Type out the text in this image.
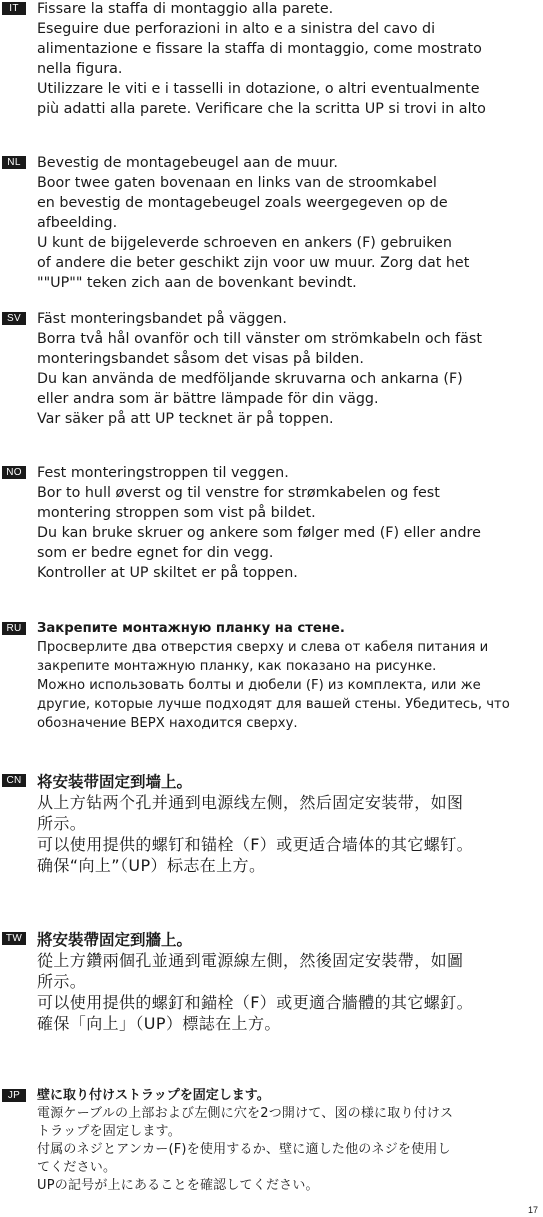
IT	Fissare la staffa di montaggio alla parete.
Eseguire due perforazioni in alto e a sinistra del cavo di
alimentazione e fissare la staffa di montaggio, come mostrato
nella figura.
Utilizzare le viti e i tasselli in dotazione, o altri eventualmente
più adatti alla parete. Verificare che la scritta UP si trovi in alto
NL	Bevestig de montagebeugel aan de muur.
Boor twee gaten bovenaan en links van de stroomkabel
en bevestig de montagebeugel zoals weergegeven op de
afbeelding.
U kunt de bijgeleverde schroeven en ankers (F) gebruiken
of andere die beter geschikt zijn voor uw muur. Zorg dat het
""UP"" teken zich aan de bovenkant bevindt.
SV	Fäst monteringsbandet på väggen.
Borra två hål ovanför och till vänster om strömkabeln och fäst
monteringsbandet såsom det visas på bilden.
Du kan använda de medföljande skruvarna och ankarna (F)
eller andra som är bättre lämpade för din vägg.
Var säker på att UP tecknet är på toppen.
NO Fest monteringstroppen til veggen.
Bor to hull øverst og til venstre for strømkabelen og fest
montering stroppen som vist på bildet.
Du kan bruke skruer og ankere som følger med (F) eller andre
som er bedre egnet for din vegg.
Kontroller at UP skiltet er på toppen.
RU	Закрепите монтажную планку на стене.
Просверлите два отверстия сверху и слева от кабеля питания и
закрепите монтажную планку, как показано на рисунке.
Можно использовать болты и дюбели (F) из комплекта, или же
другие, которые лучше подходят для вашей стены. Убедитесь, что
обозначение ВЕРХ находится сверху.
CN 将安装带固定到墙上。
从上方钻两个孔并通到电源线左侧，然后固定安装带，如图
所示。
可以使用提供的螺钉和锚栓（F）或更适合墙体的其它螺钉。
确保“向上”（UP）标志在上方。
TW 將安裝帶固定到牆上。
從上方鑽兩個孔並通到電源線左側，然後固定安裝帶，如圖
所示。
可以使用提供的螺釘和錨栓（F）或更適合牆體的其它螺釘。
確保「向上」（UP）標誌在上方。
JP	壁に取り付けストラップを固定します。
電源ケーブルの上部および左側に穴を2つ開けて、図の様に取り付けス
トラップを固定します。
付属のネジとアンカー(F)を使用するか、壁に適した他のネジを使用し
てください。
UPの記号が上にあることを確認してください。
17
